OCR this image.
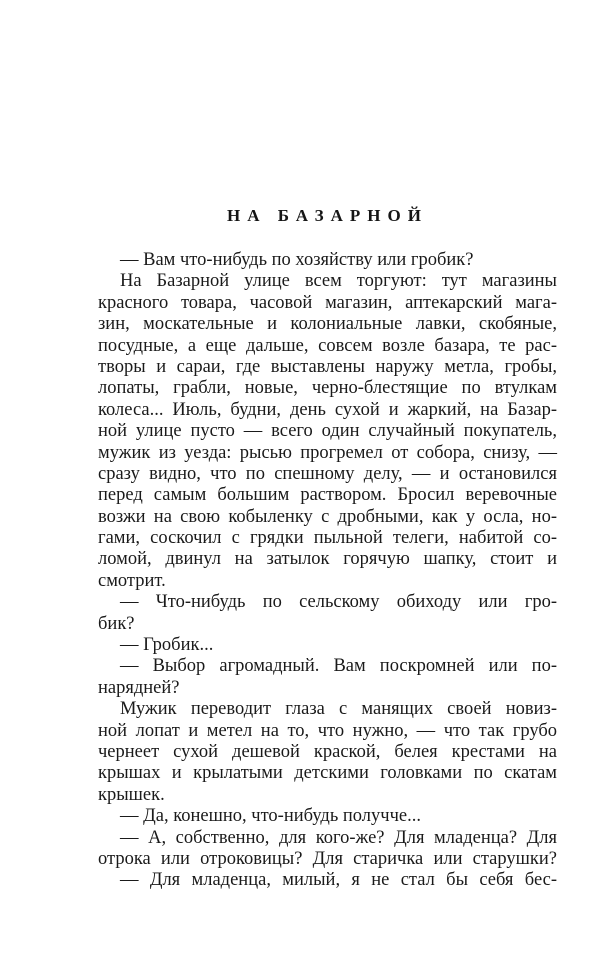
НА БАЗАРНОЙ
— Вам что-нибудь по хозяйству или гробик?
На Базарной улице всем торгуют: тут магазины
красного товара, часовой магазин, аптекарский мага-
зин, москательные и колониальные лавки, скобяные,
посудные, а еще дальше, совсем возле базара, те рас-
творы и сараи, где выставлены наружу метла, гробы,
лопаты, грабли, новые, черно-блестящие по втулкам
колеса... Июль, будни, день сухой и жаркий, на Базар-
ной улице пусто — всего один случайный покупатель,
мужик из уезда: рысью прогремел от собора, снизу, —
сразу видно, что по спешному делу, — и остановился
перед самым большим раствором. Бросил веревочные
возжи на свою кобыленку с дробными, как у осла, но-
гами, соскочил с грядки пыльной телеги, набитой со-
ломой, двинул на затылок горячую шапку, стоит и
смотрит.
— Что-нибудь по сельскому обиходу или гро-
бик?
— Гробик...
— Выбор агромадный. Вам поскромней или по-
нарядней?
Мужик переводит глаза с манящих своей новиз-
ной лопат и метел на то, что нужно, — что так грубо
чернеет сухой дешевой краской, белея крестами на
крышах и крылатыми детскими головками по скатам
крышек.
— Да, конешно, что-нибудь получче...
— А, собственно, для кого-же? Для младенца? Для
отрока или отроковицы? Для старичка или старушки?
— Для младенца, милый, я не стал бы себя бес-
